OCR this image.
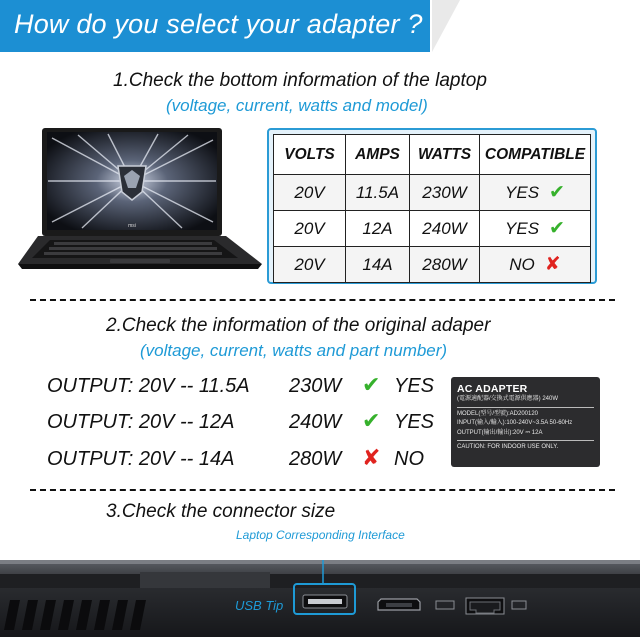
How do you select your adapter ?
1.Check the bottom information of the laptop
(voltage, current, watts and model)
msi
VOLTS	AMPS	WATTS	COMPATIBLE
20V	11.5A	230W	YES ✔
20V	12A	240W	YES ✔
20V	14A	280W	NO ✘
2.Check the information of the original adaper
(voltage, current, watts and part number)
OUTPUT: 20V -- 11.5A 230W ✔ YES
OUTPUT: 20V -- 12A	240W ✔ YES
OUTPUT: 20V -- 14A	280W ✘ NO
AC ADAPTER
(電源適配器/交換式電源供應器) 240W
MODEL(型号/型號):AD200120
INPUT(输入/輸入):100-240V~3.5A 50-60Hz
OUTPUT(输出/輸出):20V ⎓ 12A
CAUTION: FOR INDOOR USE ONLY.
3.Check the connector size
Laptop Corresponding Interface
USB Tip
